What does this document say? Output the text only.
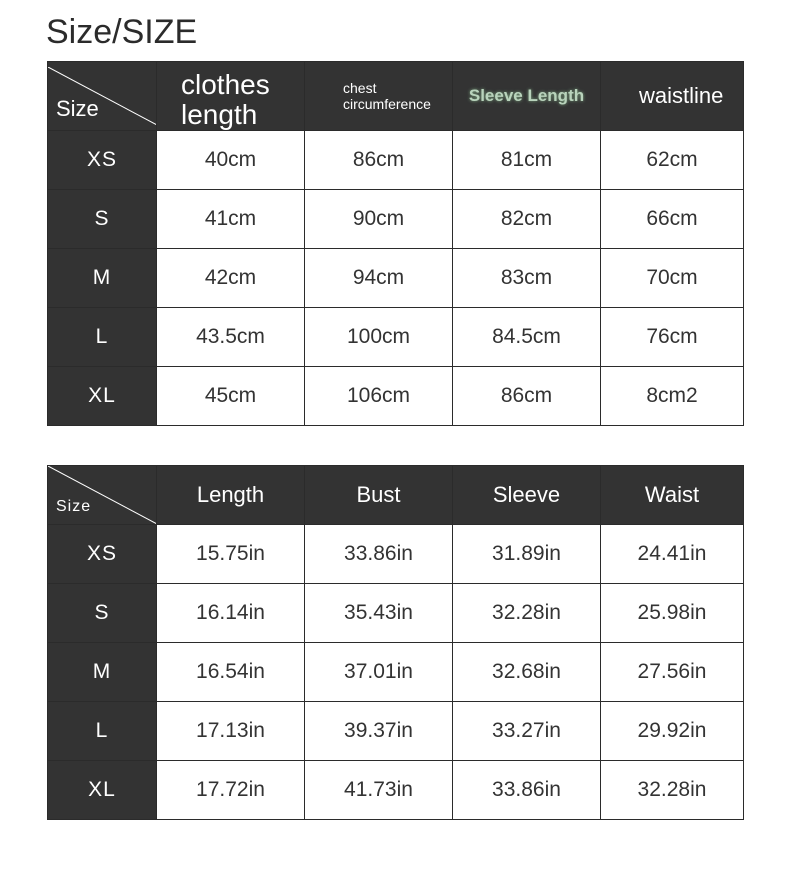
Size/SIZE
Size	clothes length	chest circumference	Sleeve Length	waistline
XS	40cm	86cm	81cm	62cm
S	41cm	90cm	82cm	66cm
M	42cm	94cm	83cm	70cm
L	43.5cm	100cm	84.5cm	76cm
XL	45cm	106cm	86cm	8cm2
Size	Length	Bust	Sleeve	Waist
XS	15.75in	33.86in	31.89in	24.41in
S	16.14in	35.43in	32.28in	25.98in
M	16.54in	37.01in	32.68in	27.56in
L	17.13in	39.37in	33.27in	29.92in
XL	17.72in	41.73in	33.86in	32.28in
